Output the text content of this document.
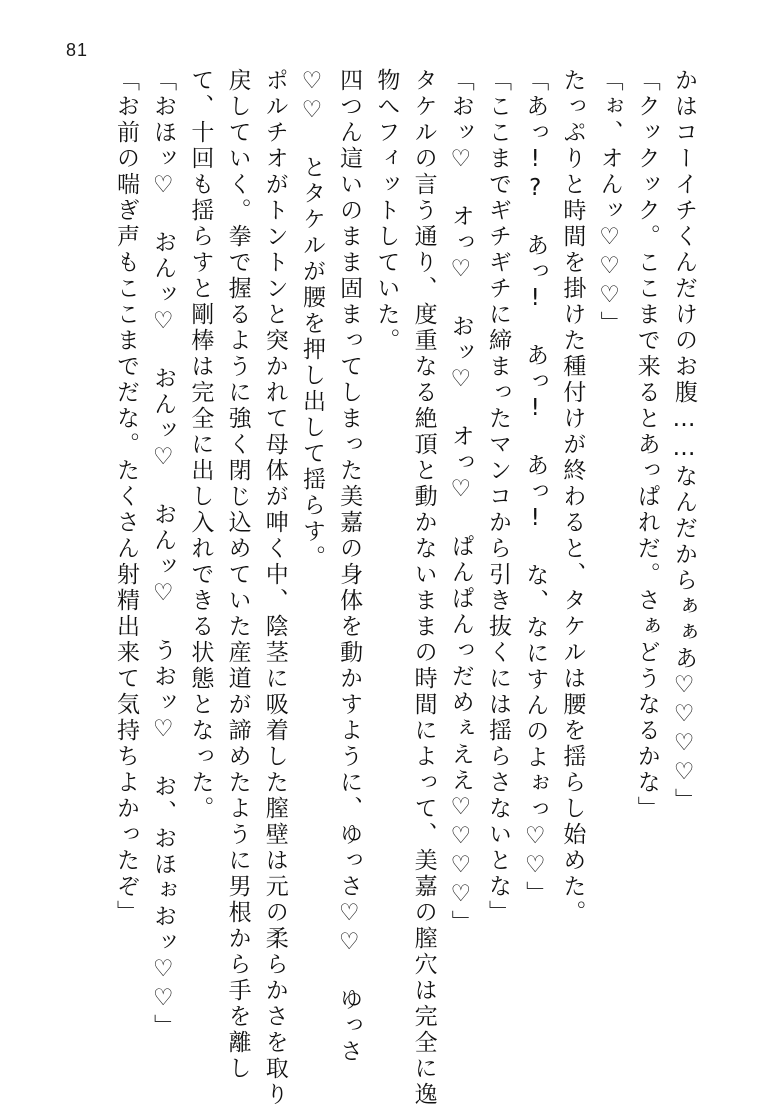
81
かはコーイチくんだけのお腹……なんだからぁぁあ♡♡♡♡」
「クックック。ここまで来るとあっぱれだ。さぁどうなるかな」
「ぉ、オんッ♡♡♡」
たっぷりと時間を掛けた種付けが終わると、タケルは腰を揺らし始めた。
「あっ!? あっ! あっ! あっ! な、なにすんのよぉっ♡♡」
「ここまでギチギチに締まったマンコから引き抜くには揺らさないとな」
「おッ♡ オっ♡ おッ♡ オっ♡ ぱんぱんっだめぇええ♡♡♡♡」
タケルの言う通り、度重なる絶頂と動かないままの時間によって、美嘉の膣穴は完全に逸
物へフィットしていた。
四つん這いのまま固まってしまった美嘉の身体を動かすように、ゆっさ♡♡ ゆっさ
♡♡ とタケルが腰を押し出して揺らす。
ポルチオがトントンと突かれて母体が呻く中、陰茎に吸着した膣壁は元の柔らかさを取り
戻していく。拳で握るように強く閉じ込めていた産道が諦めたように男根から手を離し
て、十回も揺らすと剛棒は完全に出し入れできる状態となった。
「おほッ♡ おんッ♡ おんッ♡ おんッ♡ うおッ♡ お、おほぉおッ♡♡」
「お前の喘ぎ声もここまでだな。たくさん射精出来て気持ちよかったぞ」
